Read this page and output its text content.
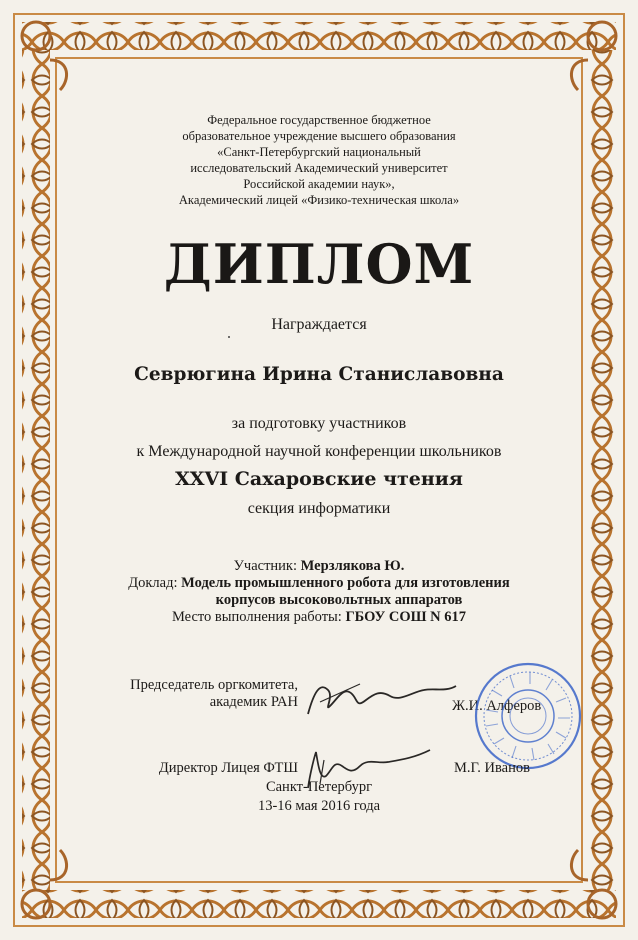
Федеральное государственное бюджетное
образовательное учреждение высшего образования
«Санкт-Петербургский национальный
исследовательский Академический университет
Российской академии наук»,
Академический лицей «Физико-техническая школа»
ДИПЛОМ
Награждается
Севрюгина Ирина Станиславовна
за подготовку участников
к Международной научной конференции школьников
XXVI Сахаровские чтения
секция информатики
Участник: Мерзлякова Ю.
Доклад: Модель промышленного робота для изготовления
корпусов высоковольтных аппаратов
Место выполнения работы: ГБОУ СОШ N 617
Председатель оргкомитета,
академик РАН	Ж.И. Алферов
Директор Лицея ФТШ	М.Г. Иванов
Санкт-Петербург
13-16 мая 2016 года
